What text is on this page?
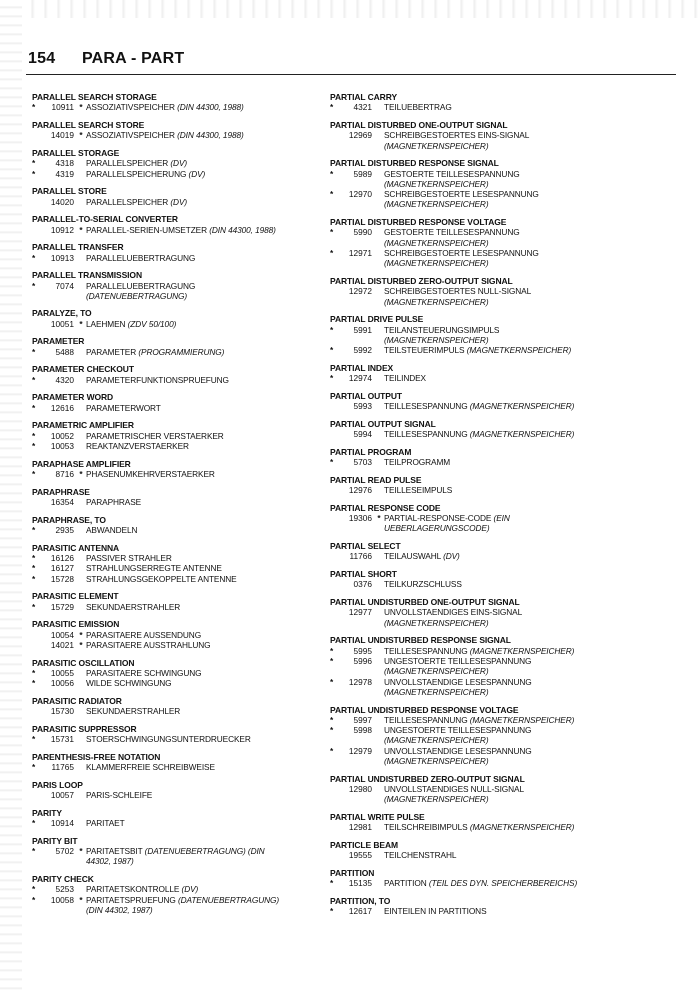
154 PARA - PART
PARALLEL SEARCH STORAGE
*	10911 * ASSOZIATIVSPEICHER (DIN 44300, 1988)
PARALLEL SEARCH STORE
14019 * ASSOZIATIVSPEICHER (DIN 44300, 1988)
PARALLEL STORAGE
*	4318 PARALLELSPEICHER (DV)
*	4319 PARALLELSPEICHERUNG (DV)
PARALLEL STORE
14020 PARALLELSPEICHER (DV)
PARALLEL-TO-SERIAL CONVERTER
10912 * PARALLEL-SERIEN-UMSETZER (DIN 44300, 1988)
PARALLEL TRANSFER
*	10913 PARALLELUEBERTRAGUNG
PARALLEL TRANSMISSION
*	7074 PARALLELUEBERTRAGUNG
(DATENUEBERTRAGUNG)
PARALYZE, TO
10051 * LAEHMEN (ZDV 50/100)
PARAMETER
*	5488 PARAMETER (PROGRAMMIERUNG)
PARAMETER CHECKOUT
*	4320 PARAMETERFUNKTIONSPRUEFUNG
PARAMETER WORD
*	12616 PARAMETERWORT
PARAMETRIC AMPLIFIER
*	10052 PARAMETRISCHER VERSTAERKER
*	10053 REAKTANZVERSTAERKER
PARAPHASE AMPLIFIER
*	8716 * PHASENUMKEHRVERSTAERKER
PARAPHRASE
16354 PARAPHRASE
PARAPHRASE, TO
*	2935 ABWANDELN
PARASITIC ANTENNA
*	16126 PASSIVER STRAHLER
*	16127 STRAHLUNGSERREGTE ANTENNE
*	15728 STRAHLUNGSGEKOPPELTE ANTENNE
PARASITIC ELEMENT
*	15729 SEKUNDAERSTRAHLER
PARASITIC EMISSION
10054 * PARASITAERE AUSSENDUNG
14021 * PARASITAERE AUSSTRAHLUNG
PARASITIC OSCILLATION
*	10055 PARASITAERE SCHWINGUNG
*	10056 WILDE SCHWINGUNG
PARASITIC RADIATOR
15730 SEKUNDAERSTRAHLER
PARASITIC SUPPRESSOR
*	15731 STOERSCHWINGUNGSUNTERDRUECKER
PARENTHESIS-FREE NOTATION
*	11765 KLAMMERFREIE SCHREIBWEISE
PARIS LOOP
10057 PARIS-SCHLEIFE
PARITY
*	10914 PARITAET
PARITY BIT
*	5702 * PARITAETSBIT (DATENUEBERTRAGUNG) (DIN
44302, 1987)
PARITY CHECK
*	5253 PARITAETSKONTROLLE (DV)
*	10058 * PARITAETSPRUEFUNG (DATENUEBERTRAGUNG)
(DIN 44302, 1987)
PARTIAL CARRY
*	4321 TEILUEBERTRAG
PARTIAL DISTURBED ONE-OUTPUT SIGNAL
12969 SCHREIBGESTOERTES EINS-SIGNAL
(MAGNETKERNSPEICHER)
PARTIAL DISTURBED RESPONSE SIGNAL
*	5989 GESTOERTE TEILLESESPANNUNG
(MAGNETKERNSPEICHER)
*	12970 SCHREIBGESTOERTE LESESPANNUNG
(MAGNETKERNSPEICHER)
PARTIAL DISTURBED RESPONSE VOLTAGE
*	5990 GESTOERTE TEILLESESPANNUNG
(MAGNETKERNSPEICHER)
*	12971 SCHREIBGESTOERTE LESESPANNUNG
(MAGNETKERNSPEICHER)
PARTIAL DISTURBED ZERO-OUTPUT SIGNAL
12972 SCHREIBGESTOERTES NULL-SIGNAL
(MAGNETKERNSPEICHER)
PARTIAL DRIVE PULSE
*	5991 TEILANSTEUERUNGSIMPULS
(MAGNETKERNSPEICHER)
*	5992 TEILSTEUERIMPULS (MAGNETKERNSPEICHER)
PARTIAL INDEX
*	12974 TEILINDEX
PARTIAL OUTPUT
5993 TEILLESESPANNUNG (MAGNETKERNSPEICHER)
PARTIAL OUTPUT SIGNAL
5994 TEILLESESPANNUNG (MAGNETKERNSPEICHER)
PARTIAL PROGRAM
*	5703 TEILPROGRAMM
PARTIAL READ PULSE
12976 TEILLESEIMPULS
PARTIAL RESPONSE CODE
19306 * PARTIAL-RESPONSE-CODE (EIN
UEBERLAGERUNGSCODE)
PARTIAL SELECT
11766 TEILAUSWAHL (DV)
PARTIAL SHORT
0376 TEILKURZSCHLUSS
PARTIAL UNDISTURBED ONE-OUTPUT SIGNAL
12977 UNVOLLSTAENDIGES EINS-SIGNAL
(MAGNETKERNSPEICHER)
PARTIAL UNDISTURBED RESPONSE SIGNAL
*	5995 TEILLESESPANNUNG (MAGNETKERNSPEICHER)
*	5996 UNGESTOERTE TEILLESESPANNUNG
(MAGNETKERNSPEICHER)
*	12978 UNVOLLSTAENDIGE LESESPANNUNG
(MAGNETKERNSPEICHER)
PARTIAL UNDISTURBED RESPONSE VOLTAGE
*	5997 TEILLESESPANNUNG (MAGNETKERNSPEICHER)
*	5998 UNGESTOERTE TEILLESESPANNUNG
(MAGNETKERNSPEICHER)
*	12979 UNVOLLSTAENDIGE LESESPANNUNG
(MAGNETKERNSPEICHER)
PARTIAL UNDISTURBED ZERO-OUTPUT SIGNAL
12980 UNVOLLSTAENDIGES NULL-SIGNAL
(MAGNETKERNSPEICHER)
PARTIAL WRITE PULSE
12981 TEILSCHREIBIMPULS (MAGNETKERNSPEICHER)
PARTICLE BEAM
19555 TEILCHENSTRAHL
PARTITION
*	15135 PARTITION (TEIL DES DYN. SPEICHERBEREICHS)
PARTITION, TO
*	12617 EINTEILEN IN PARTITIONS
